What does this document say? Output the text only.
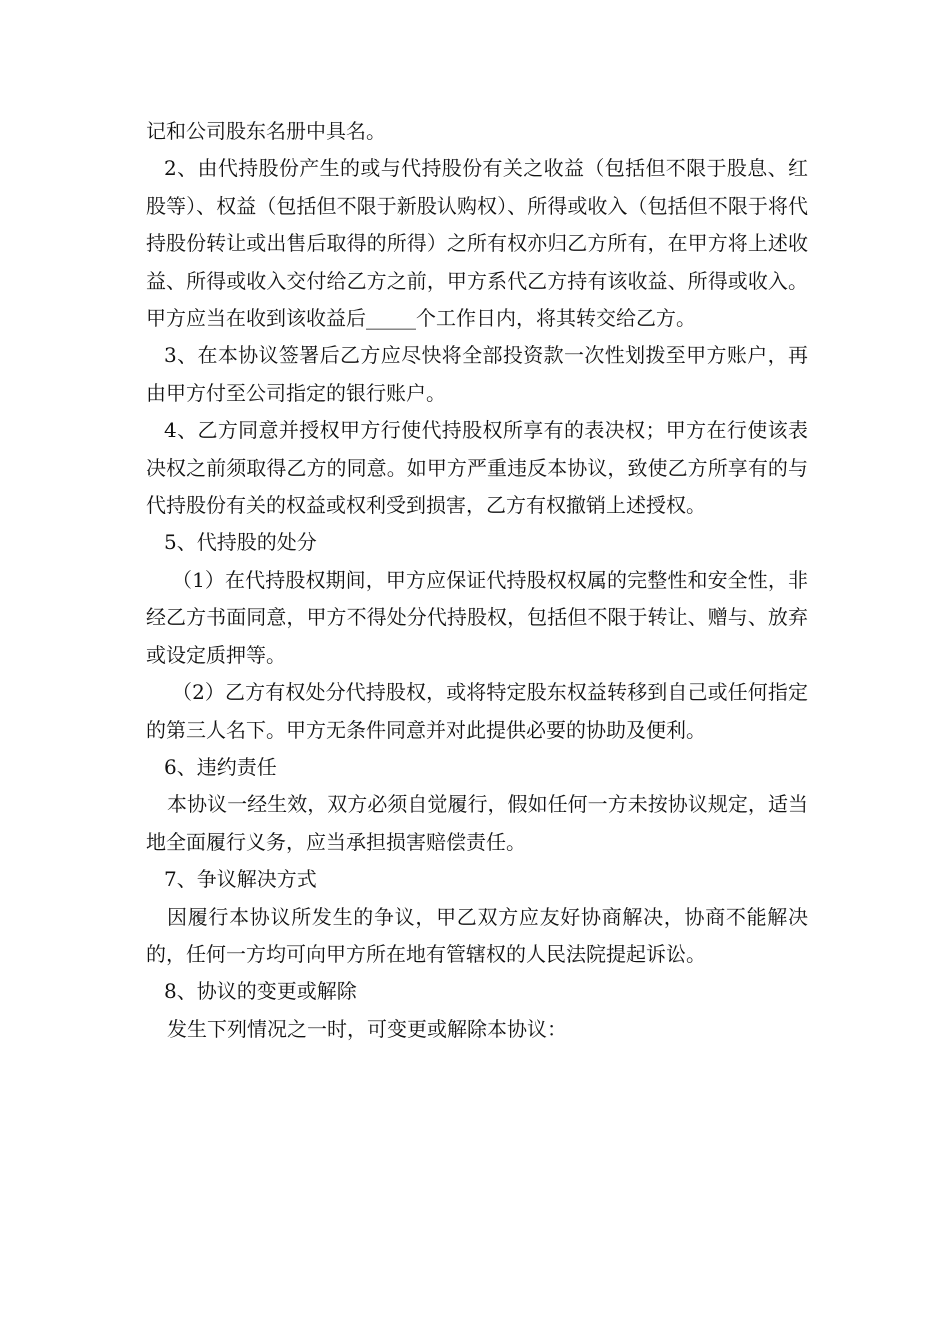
记和公司股东名册中具名。

2、由代持股份产生的或与代持股份有关之收益（包括但不限于股息、红股等）、权益（包括但不限于新股认购权）、所得或收入（包括但不限于将代持股份转让或出售后取得的所得）之所有权亦归乙方所有，在甲方将上述收益、所得或收入交付给乙方之前，甲方系代乙方持有该收益、所得或收入。甲方应当在收到该收益后_____个工作日内，将其转交给乙方。

3、在本协议签署后乙方应尽快将全部投资款一次性划拨至甲方账户，再由甲方付至公司指定的银行账户。

4、乙方同意并授权甲方行使代持股权所享有的表决权；甲方在行使该表决权之前须取得乙方的同意。如甲方严重违反本协议，致使乙方所享有的与代持股份有关的权益或权利受到损害，乙方有权撤销上述授权。

5、代持股的处分

（1）在代持股权期间，甲方应保证代持股权权属的完整性和安全性，非经乙方书面同意，甲方不得处分代持股权，包括但不限于转让、赠与、放弃或设定质押等。

（2）乙方有权处分代持股权，或将特定股东权益转移到自己或任何指定的第三人名下。甲方无条件同意并对此提供必要的协助及便利。

6、违约责任

本协议一经生效，双方必须自觉履行，假如任何一方未按协议规定，适当地全面履行义务，应当承担损害赔偿责任。

7、争议解决方式

因履行本协议所发生的争议，甲乙双方应友好协商解决，协商不能解决的，任何一方均可向甲方所在地有管辖权的人民法院提起诉讼。

8、协议的变更或解除

发生下列情况之一时，可变更或解除本协议：
